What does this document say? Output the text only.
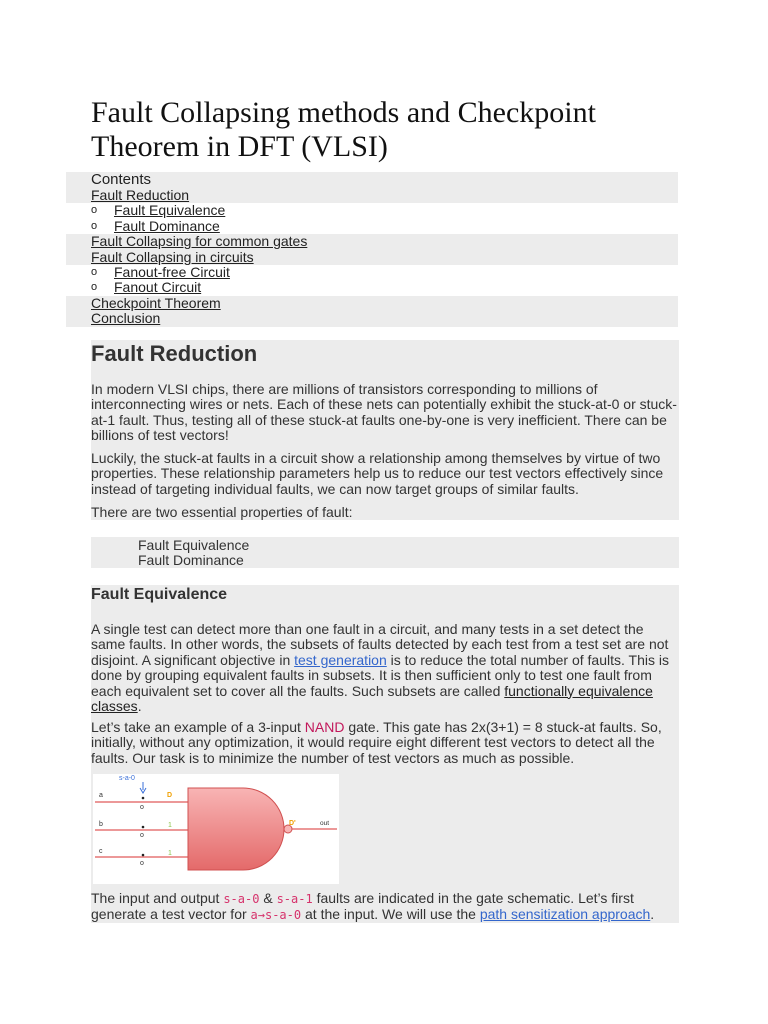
Fault Collapsing methods and Checkpoint Theorem in DFT (VLSI)
Contents
Fault Reduction
o Fault Equivalence
o Fault Dominance
Fault Collapsing for common gates
Fault Collapsing in circuits
o Fanout-free Circuit
o Fanout Circuit
Checkpoint Theorem
Conclusion
Fault Reduction

In modern VLSI chips, there are millions of transistors corresponding to millions of interconnecting wires or nets. Each of these nets can potentially exhibit the stuck-at-0 or stuck-at-1 fault. Thus, testing all of these stuck-at faults one-by-one is very inefficient. There can be billions of test vectors!

Luckily, the stuck-at faults in a circuit show a relationship among themselves by virtue of two properties. These relationship parameters help us to reduce our test vectors effectively since instead of targeting individual faults, we can now target groups of similar faults.

There are two essential properties of fault:

Fault Equivalence
Fault Dominance
Fault Equivalence

A single test can detect more than one fault in a circuit, and many tests in a set detect the same faults. In other words, the subsets of faults detected by each test from a test set are not disjoint. A significant objective in test generation is to reduce the total number of faults. This is done by grouping equivalent faults in subsets. It is then sufficient only to test one fault from each equivalent set to cover all the faults. Such subsets are called functionally equivalence classes.

Let’s take an example of a 3-input NAND gate. This gate has 2x(3+1) = 8 stuck-at faults. So, initially, without any optimization, it would require eight different test vectors to detect all the faults. Our task is to minimize the number of test vectors as much as possible.

The input and output s-a-0 & s-a-1 faults are indicated in the gate schematic. Let’s first generate a test vector for a→s-a-0 at the input. We will use the path sensitization approach.

s-a-0
a
b
c
o
o
o
D
1
1
D'	out
